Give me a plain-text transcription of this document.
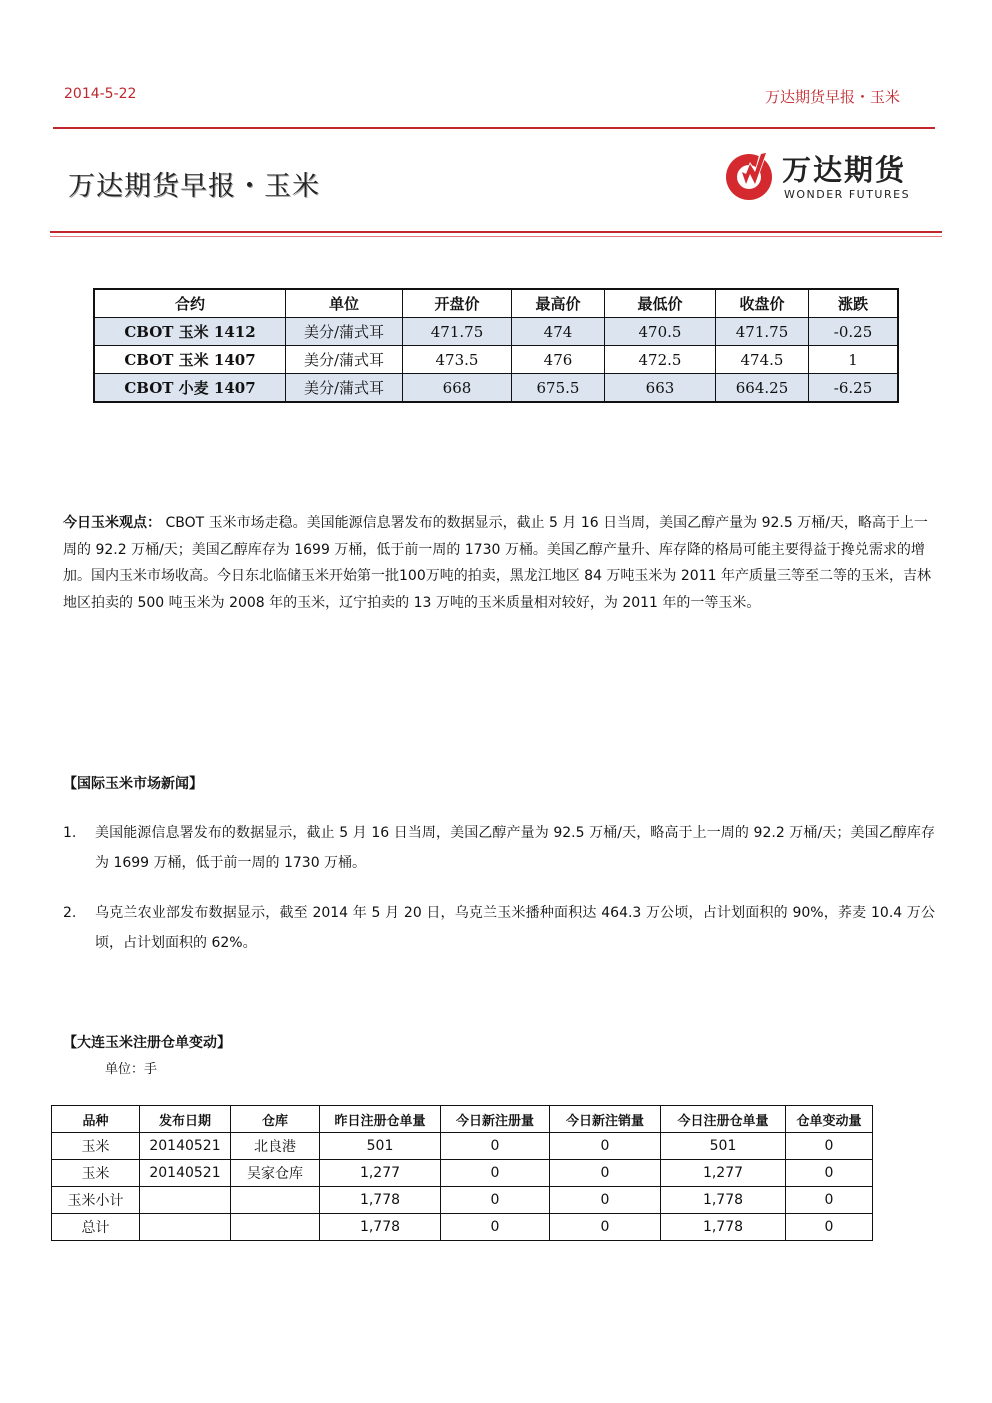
2014-5-22	万达期货早报・玉米
万达期货早报・玉米	万达期货
WONDER FUTURES
合约	单位	开盘价	最高价	最低价	收盘价	涨跌
CBOT 玉米 1412	美分/蒲式耳	471.75	474	470.5	471.75	-0.25
CBOT 玉米 1407	美分/蒲式耳	473.5	476	472.5	474.5	1
CBOT 小麦 1407	美分/蒲式耳	668	675.5	663	664.25	-6.25
今日玉米观点： CBOT 玉米市场走稳。美国能源信息署发布的数据显示，截止 5 月 16 日当周，美国乙醇产量为 92.5 万桶/天，略高于上一周的 92.2 万桶/天；美国乙醇库存为 1699 万桶，低于前一周的 1730 万桶。美国乙醇产量升、库存降的格局可能主要得益于搀兑需求的增加。国内玉米市场收高。今日东北临储玉米开始第一批100万吨的拍卖，黑龙江地区 84 万吨玉米为 2011 年产质量三等至二等的玉米，吉林地区拍卖的 500 吨玉米为 2008 年的玉米，辽宁拍卖的 13 万吨的玉米质量相对较好，为 2011 年的一等玉米。
【国际玉米市场新闻】
1. 美国能源信息署发布的数据显示，截止 5 月 16 日当周，美国乙醇产量为 92.5 万桶/天，略高于上一周的 92.2 万桶/天；美国乙醇库存为 1699 万桶，低于前一周的 1730 万桶。
2. 乌克兰农业部发布数据显示，截至 2014 年 5 月 20 日，乌克兰玉米播种面积达 464.3 万公顷，占计划面积的 90%，荞麦 10.4 万公顷，占计划面积的 62%。
【大连玉米注册仓单变动】
单位：手
品种	发布日期	仓库	昨日注册仓单量	今日新注册量	今日新注销量	今日注册仓单量	仓单变动量
玉米	20140521	北良港	501	0	0	501	0
玉米	20140521	吴家仓库	1,277	0	0	1,277	0
玉米小计			1,778	0	0	1,778	0
总计			1,778	0	0	1,778	0
